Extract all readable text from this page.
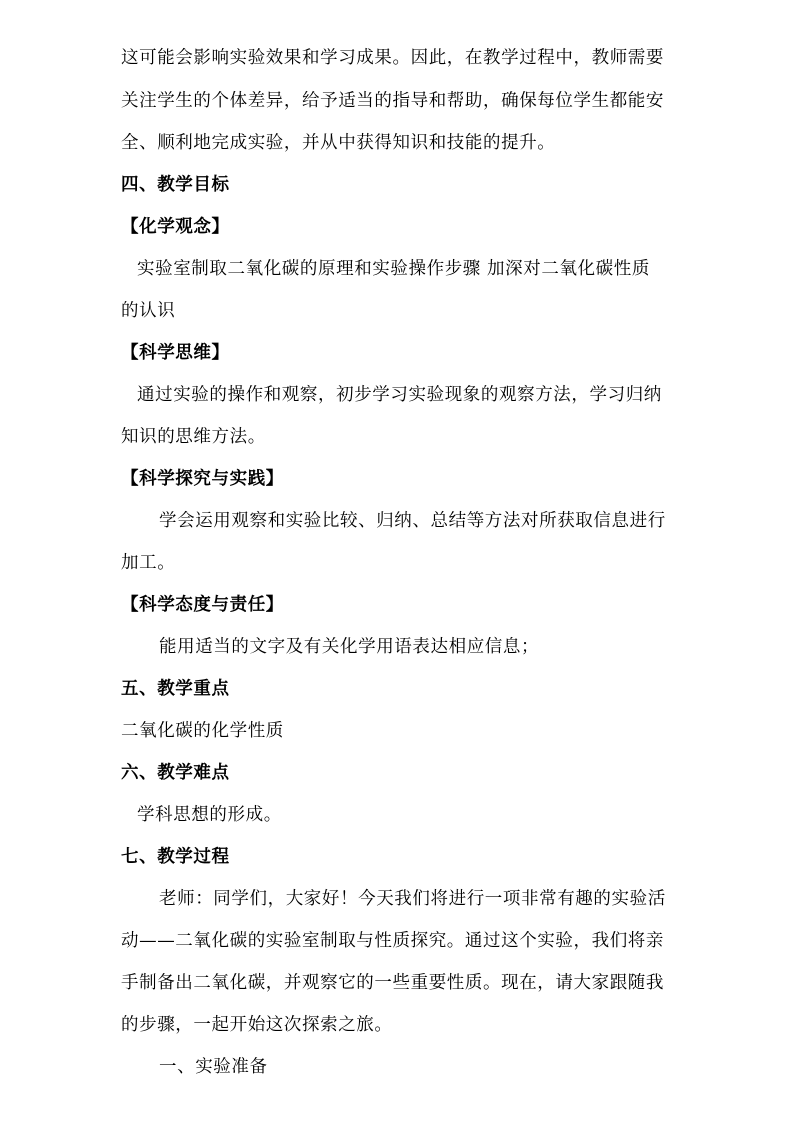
这可能会影响实验效果和学习成果。因此，在教学过程中，教师需要
关注学生的个体差异，给予适当的指导和帮助，确保每位学生都能安
全、顺利地完成实验，并从中获得知识和技能的提升。
四、教学目标
【化学观念】
实验室制取二氧化碳的原理和实验操作步骤 加深对二氧化碳性质
的认识
【科学思维】
通过实验的操作和观察，初步学习实验现象的观察方法，学习归纳
知识的思维方法。
【科学探究与实践】
学会运用观察和实验比较、归纳、总结等方法对所获取信息进行
加工。
【科学态度与责任】
能用适当的文字及有关化学用语表达相应信息；
五、教学重点
二氧化碳的化学性质
六、教学难点
学科思想的形成。
七、教学过程
老师：同学们，大家好！今天我们将进行一项非常有趣的实验活
动——二氧化碳的实验室制取与性质探究。通过这个实验，我们将亲
手制备出二氧化碳，并观察它的一些重要性质。现在，请大家跟随我
的步骤，一起开始这次探索之旅。
一、实验准备
